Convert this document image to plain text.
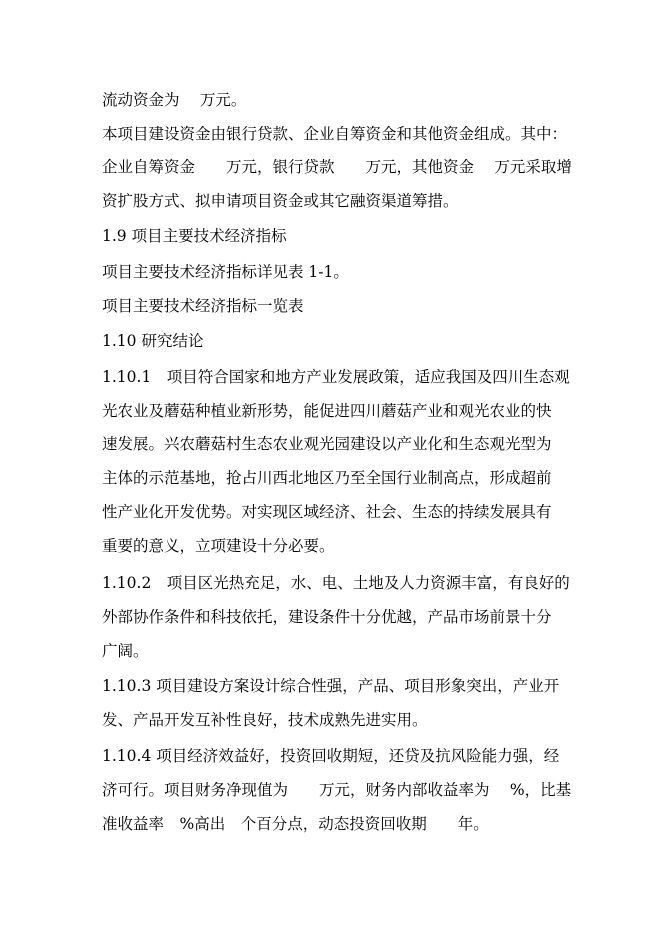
流动资金为　 万元。
本项目建设资金由银行贷款、企业自筹资金和其他资金组成。其中：
企业自筹资金　　万元，银行贷款　　万元，其他资金　 万元采取增
资扩股方式、拟申请项目资金或其它融资渠道筹措。
1.9 项目主要技术经济指标
项目主要技术经济指标详见表 1-1。
项目主要技术经济指标一览表
1.10 研究结论
1.10.1　项目符合国家和地方产业发展政策，适应我国及四川生态观
光农业及蘑菇种植业新形势，能促进四川蘑菇产业和观光农业的快
速发展。兴农蘑菇村生态农业观光园建设以产业化和生态观光型为
主体的示范基地，抢占川西北地区乃至全国行业制高点，形成超前
性产业化开发优势。对实现区域经济、社会、生态的持续发展具有
重要的意义，立项建设十分必要。
1.10.2　项目区光热充足，水、电、土地及人力资源丰富，有良好的
外部协作条件和科技依托，建设条件十分优越，产品市场前景十分
广阔。
1.10.3 项目建设方案设计综合性强，产品、项目形象突出，产业开
发、产品开发互补性良好，技术成熟先进实用。
1.10.4 项目经济效益好，投资回收期短，还贷及抗风险能力强，经
济可行。项目财务净现值为　　万元，财务内部收益率为　 %，比基
准收益率　%高出　个百分点，动态投资回收期　　年。
